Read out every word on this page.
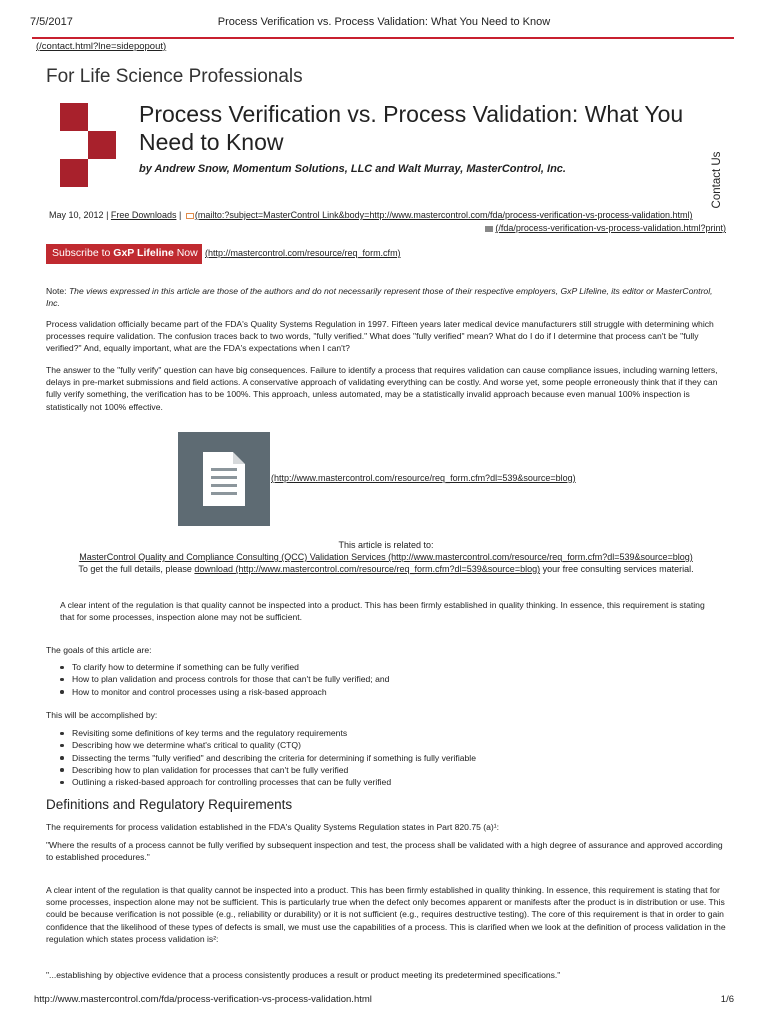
7/5/2017	Process Verification vs. Process Validation: What You Need to Know
(/contact.html?lne=sidepopout)
For Life Science Professionals
Process Verification vs. Process Validation: What You Need to Know
by Andrew Snow, Momentum Solutions, LLC and Walt Murray, MasterControl, Inc.	Contact Us
May 10, 2012 | Free Downloads | (mailto:?subject=MasterControl Link&body=http://www.mastercontrol.com/fda/process-verification-vs-process-validation.html)
(/fda/process-verification-vs-process-validation.html?print)
Subscribe to GxP Lifeline Now (http://mastercontrol.com/resource/req_form.cfm)

Note: The views expressed in this article are those of the authors and do not necessarily represent those of their respective employers, GxP Lifeline, its editor or MasterControl, Inc.

Process validation officially became part of the FDA's Quality Systems Regulation in 1997. Fifteen years later medical device manufacturers still struggle with determining which processes require validation. The confusion traces back to two words, "fully verified." What does "fully verified" mean? What do I do if I determine that process can't be "fully verified?" And, equally important, what are the FDA's expectations when I can't?

The answer to the "fully verify" question can have big consequences. Failure to identify a process that requires validation can cause compliance issues, including warning letters, delays in pre-market submissions and field actions. A conservative approach of validating everything can be costly. And worse yet, some people erroneously think that if they can fully verify something, the verification has to be 100%. This approach, unless automated, may be a statistically invalid approach because even manual 100% inspection is statistically not 100% effective.

(http://www.mastercontrol.com/resource/req_form.cfm?dl=539&source=blog)
This article is related to:
MasterControl Quality and Compliance Consulting (QCC) Validation Services (http://www.mastercontrol.com/resource/req_form.cfm?dl=539&source=blog)
To get the full details, please download (http://www.mastercontrol.com/resource/req_form.cfm?dl=539&source=blog) your free consulting services material.

A clear intent of the regulation is that quality cannot be inspected into a product. This has been firmly established in quality thinking. In essence, this requirement is stating that for some processes, inspection alone may not be sufficient.

The goals of this article are:

To clarify how to determine if something can be fully verified
How to plan validation and process controls for those that can't be fully verified; and
How to monitor and control processes using a risk-based approach

This will be accomplished by:

Revisiting some definitions of key terms and the regulatory requirements
Describing how we determine what's critical to quality (CTQ)
Dissecting the terms "fully verified" and describing the criteria for determining if something is fully verifiable
Describing how to plan validation for processes that can't be fully verified
Outlining a risked-based approach for controlling processes that can be fully verified
Definitions and Regulatory Requirements

The requirements for process validation established in the FDA's Quality Systems Regulation states in Part 820.75 (a)¹:

"Where the results of a process cannot be fully verified by subsequent inspection and test, the process shall be validated with a high degree of assurance and approved according to established procedures."

A clear intent of the regulation is that quality cannot be inspected into a product. This has been firmly established in quality thinking. In essence, this requirement is stating that for some processes, inspection alone may not be sufficient. This is particularly true when the defect only becomes apparent or manifests after the product is in distribution or use. This could be because verification is not possible (e.g., reliability or durability) or it is not sufficient (e.g., requires destructive testing). The core of this requirement is that in order to gain confidence that the likelihood of these types of defects is small, we must use the capabilities of a process. This is clarified when we look at the definition of process validation in the regulation which states process validation is²:

"...establishing by objective evidence that a process consistently produces a result or product meeting its predetermined specifications."

http://www.mastercontrol.com/fda/process-verification-vs-process-validation.html	1/6
